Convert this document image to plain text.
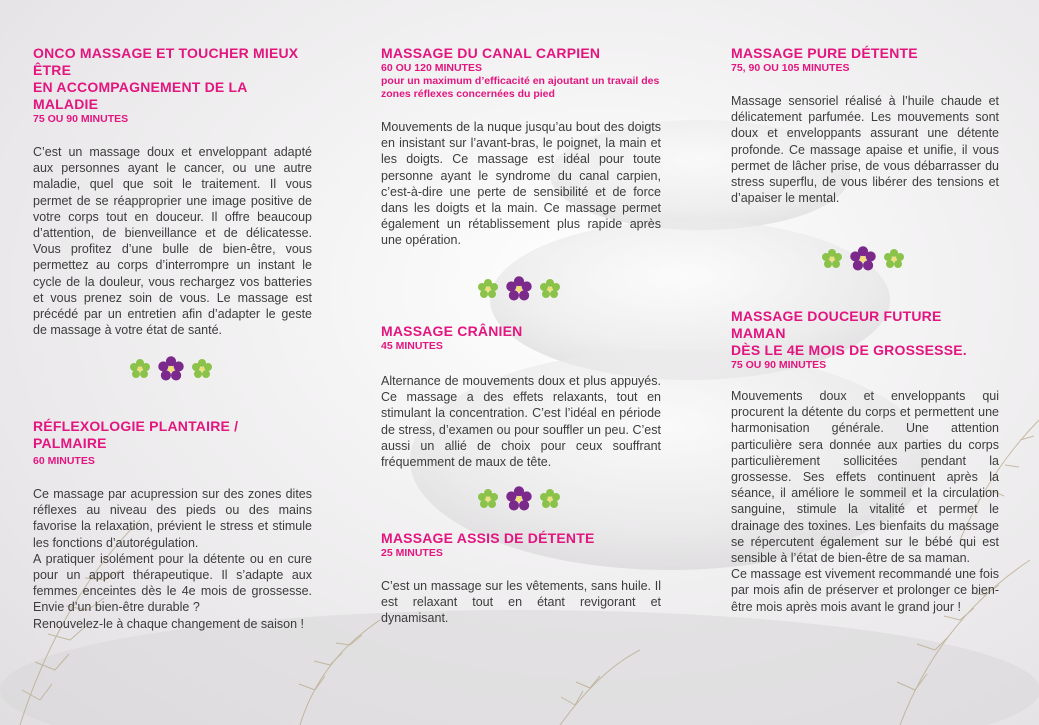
ONCO MASSAGE ET TOUCHER MIEUX ÊTRE
EN ACCOMPAGNEMENT DE LA MALADIE
75 OU 90 MINUTES

C’est un massage doux et enveloppant adapté aux personnes ayant le cancer, ou une autre maladie, quel que soit le traitement. Il vous permet de se réapproprier une image positive de votre corps tout en douceur. Il offre beaucoup d’attention, de bienveillance et de délicatesse. Vous profitez d’une bulle de bien-être, vous permettez au corps d’interrompre un instant le cycle de la douleur, vous rechargez vos batteries et vous prenez soin de vous. Le massage est précédé par un entretien afin d’adapter le geste de massage à votre état de santé.

RÉFLEXOLOGIE PLANTAIRE / PALMAIRE
60 MINUTES

Ce massage par acupression sur des zones dites réflexes au niveau des pieds ou des mains favorise la relaxation, prévient le stress et stimule les fonctions d’autorégulation.

A pratiquer isolément pour la détente ou en cure pour un apport thérapeutique. Il s’adapte aux femmes enceintes dès le 4e mois de grossesse. Envie d’un bien-être durable ?

Renouvelez-le à chaque changement de saison !

MASSAGE DU CANAL CARPIEN
60 OU 120 MINUTES
pour un maximum d’efficacité en ajoutant un travail des zones réflexes concernées du pied

Mouvements de la nuque jusqu’au bout des doigts en insistant sur l’avant-bras, le poignet, la main et les doigts. Ce massage est idéal pour toute personne ayant le syndrome du canal carpien, c’est-à-dire une perte de sensibilité et de force dans les doigts et la main. Ce massage permet également un rétablissement plus rapide après une opération.

MASSAGE CRÂNIEN
45 MINUTES

Alternance de mouvements doux et plus appuyés. Ce massage a des effets relaxants, tout en stimulant la concentration. C’est l’idéal en période de stress, d’examen ou pour souffler un peu. C’est aussi un allié de choix pour ceux souffrant fréquemment de maux de tête.

MASSAGE ASSIS DE DÉTENTE
25 MINUTES

C’est un massage sur les vêtements, sans huile. Il est relaxant tout en étant revigorant et dynamisant.

MASSAGE PURE DÉTENTE
75, 90 OU 105 MINUTES

Massage sensoriel réalisé à l’huile chaude et délicatement parfumée. Les mouvements sont doux et enveloppants assurant une détente profonde. Ce massage apaise et unifie, il vous permet de lâcher prise, de vous débarrasser du stress superflu, de vous libérer des tensions et d’apaiser le mental.

MASSAGE DOUCEUR FUTURE MAMAN
DÈS LE 4E MOIS DE GROSSESSE.
75 OU 90 MINUTES

Mouvements doux et enveloppants qui procurent la détente du corps et permettent une harmonisation générale. Une attention particulière sera donnée aux parties du corps particulièrement sollicitées pendant la grossesse. Ses effets continuent après la séance, il améliore le sommeil et la circulation sanguine, stimule la vitalité et permet le drainage des toxines. Les bienfaits du massage se répercutent également sur le bébé qui est sensible à l’état de bien-être de sa maman.

Ce massage est vivement recommandé une fois par mois afin de préserver et prolonger ce bien-être mois après mois avant le grand jour !
